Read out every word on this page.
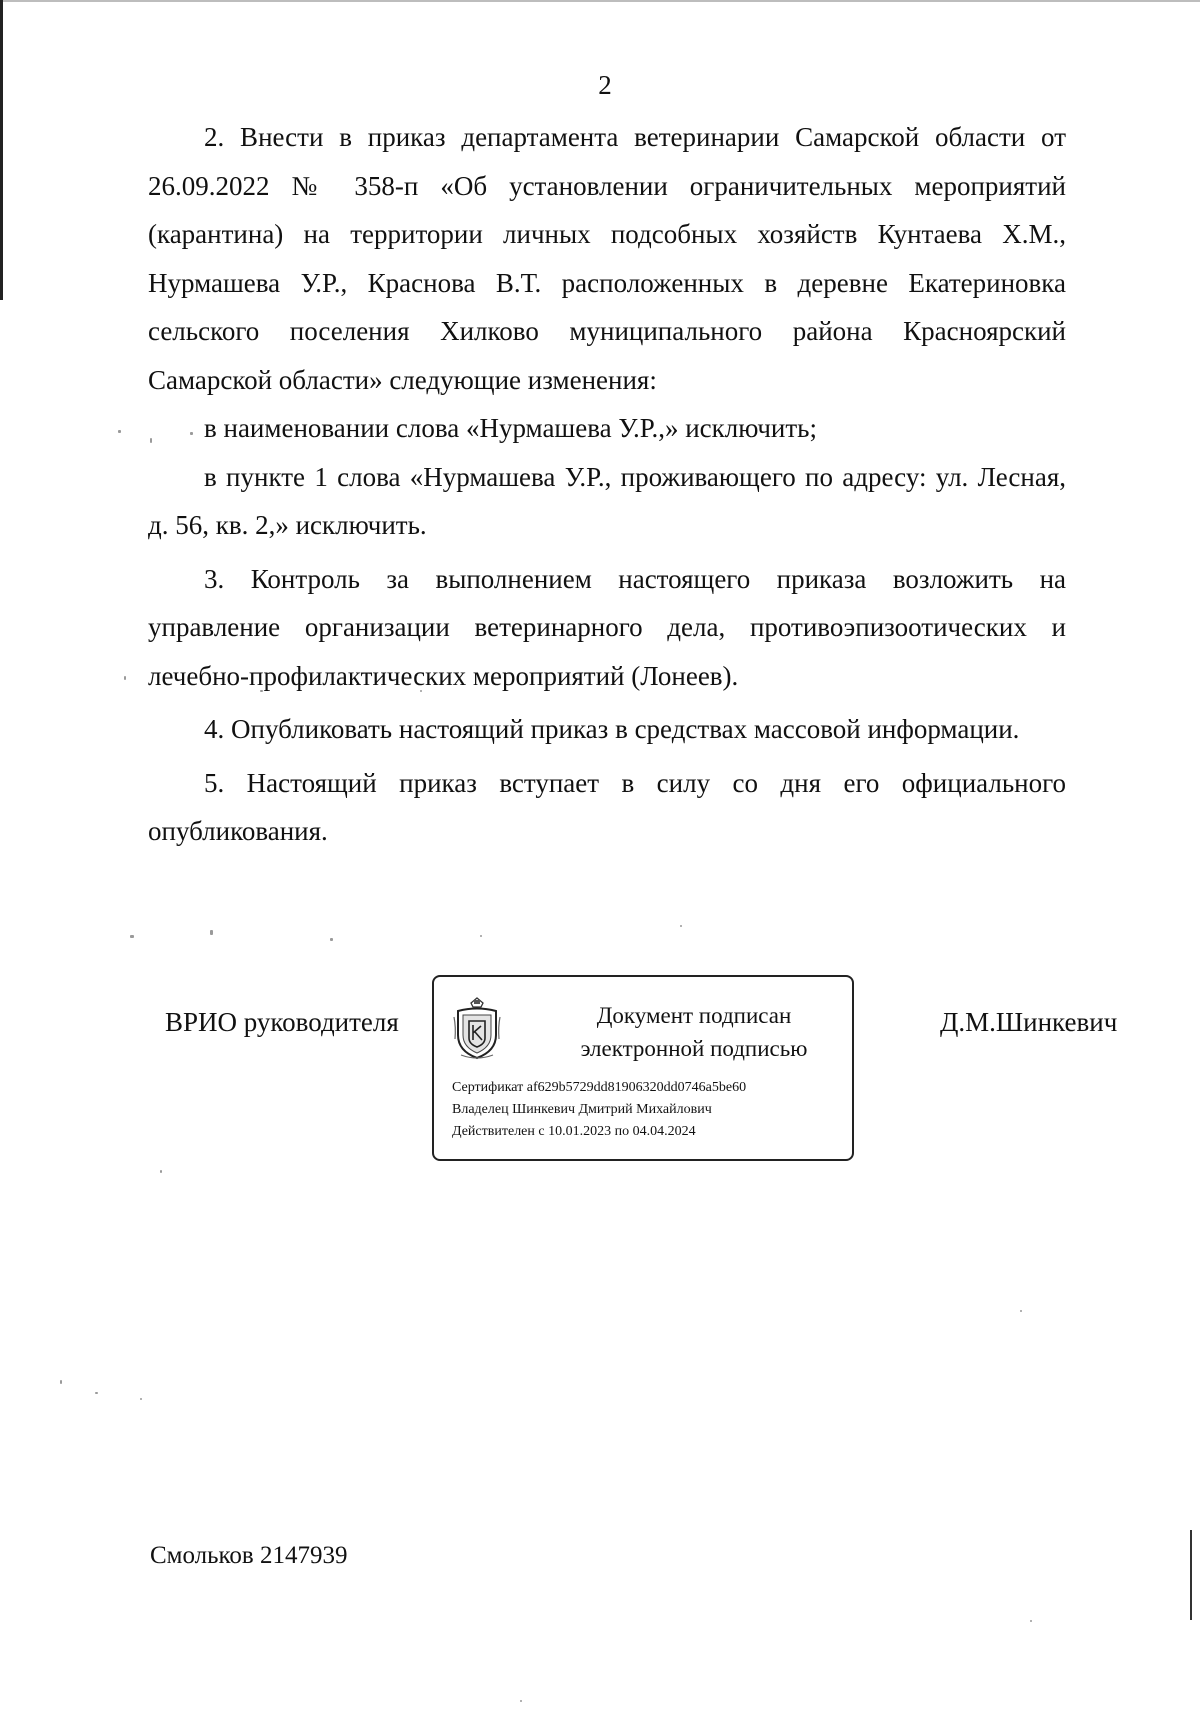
2

2. Внести в приказ департамента ветеринарии Самарской области от 26.09.2022 № 358-п «Об установлении ограничительных мероприятий (карантина) на территории личных подсобных хозяйств Кунтаева Х.М., Нурмашева У.Р., Краснова В.Т. расположенных в деревне Екатериновка сельского поселения Хилково муниципального района Красноярский Самарской области» следующие изменения:

в наименовании слова «Нурмашева У.Р.,» исключить;

в пункте 1 слова «Нурмашева У.Р., проживающего по адресу: ул. Лесная, д. 56, кв. 2,» исключить.

3. Контроль за выполнением настоящего приказа возложить на управление организации ветеринарного дела, противоэпизоотических и лечебно-профилактических мероприятий (Лонеев).

4. Опубликовать настоящий приказ в средствах массовой информации.

5. Настоящий приказ вступает в силу со дня его официального опубликования.

ВРИО руководителя	Документ подписан
электронной подписью
Сертификат af629b5729dd81906320dd0746a5be60
Владелец Шинкевич Дмитрий Михайлович
Действителен с 10.01.2023 по 04.04.2024
Д.М.Шинкевич
Смольков 2147939
